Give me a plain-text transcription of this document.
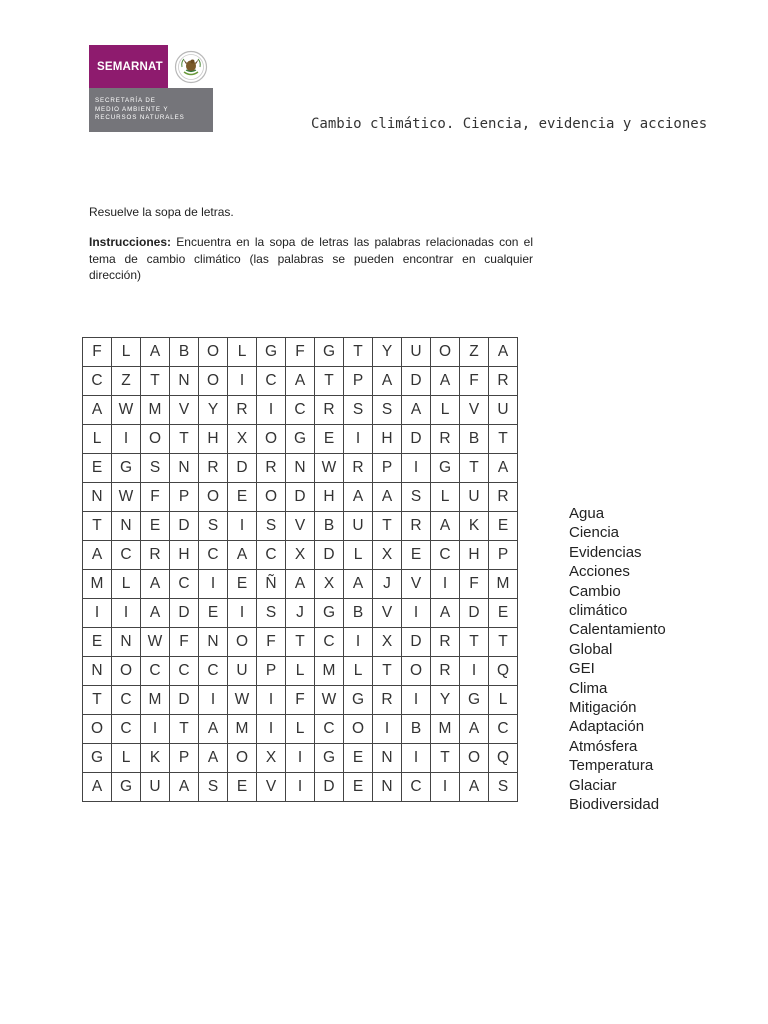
SEMARNAT
SECRETARÍA DE
MEDIO AMBIENTE Y
RECURSOS NATURALES	Cambio climático. Ciencia, evidencia y acciones
Resuelve la sopa de letras.
Instrucciones: Encuentra en la sopa de letras las palabras relacionadas con el tema de cambio climático (las palabras se pueden encontrar en cualquier dirección)
F	L	A	B	O	L	G	F	G	T	Y	U	O	Z	A
C	Z	T	N	O	I	C	A	T	P	A	D	A	F	R
A	W	M	V	Y	R	I	C	R	S	S	A	L	V	U
L	I	O	T	H	X	O	G	E	I	H	D	R	B	T
E	G	S	N	R	D	R	N	W	R	P	I	G	T	A
N	W	F	P	O	E	O	D	H	A	A	S	L	U	R
T	N	E	D	S	I	S	V	B	U	T	R	A	K	E
A	C	R	H	C	A	C	X	D	L	X	E	C	H	P
M	L	A	C	I	E	Ñ	A	X	A	J	V	I	F	M
I	I	A	D	E	I	S	J	G	B	V	I	A	D	E
E	N	W	F	N	O	F	T	C	I	X	D	R	T	T
N	O	C	C	C	U	P	L	M	L	T	O	R	I	Q
T	C	M	D	I	W	I	F	W	G	R	I	Y	G	L
O	C	I	T	A	M	I	L	C	O	I	B	M	A	C
G	L	K	P	A	O	X	I	G	E	N	I	T	O	Q
A	G	U	A	S	E	V	I	D	E	N	C	I	A	S
Agua
Ciencia
Evidencias
Acciones
Cambio
climático
Calentamiento
Global
GEI
Clima
Mitigación
Adaptación
Atmósfera
Temperatura
Glaciar
Biodiversidad
